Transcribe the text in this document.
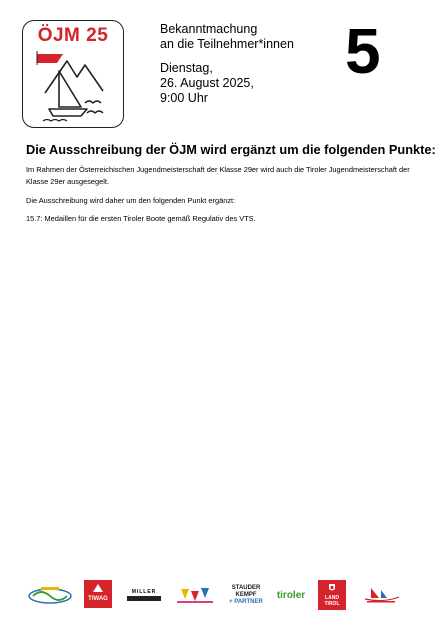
ÖJM 25	Bekanntmachung
an die Teilnehmer*innen
Dienstag,
26. August 2025,
9:00 Uhr
5
Die Ausschreibung der ÖJM wird ergänzt um die folgenden Punkte:
Im Rahmen der Österreichischen Jugendmeisterschaft der Klasse 29er wird auch die Tiroler Jugendmeisterschaft der Klasse 29er ausgesegelt.
Die Ausschreibung wird daher um den folgenden Punkt ergänzt:
15.7: Medaillen für die ersten Tiroler Boote gemäß Regulativ des VTS.
TIWAG
MILLER
STAUDER
KEMPF
+ PARTNER
tiroler	LAND
TIROL
